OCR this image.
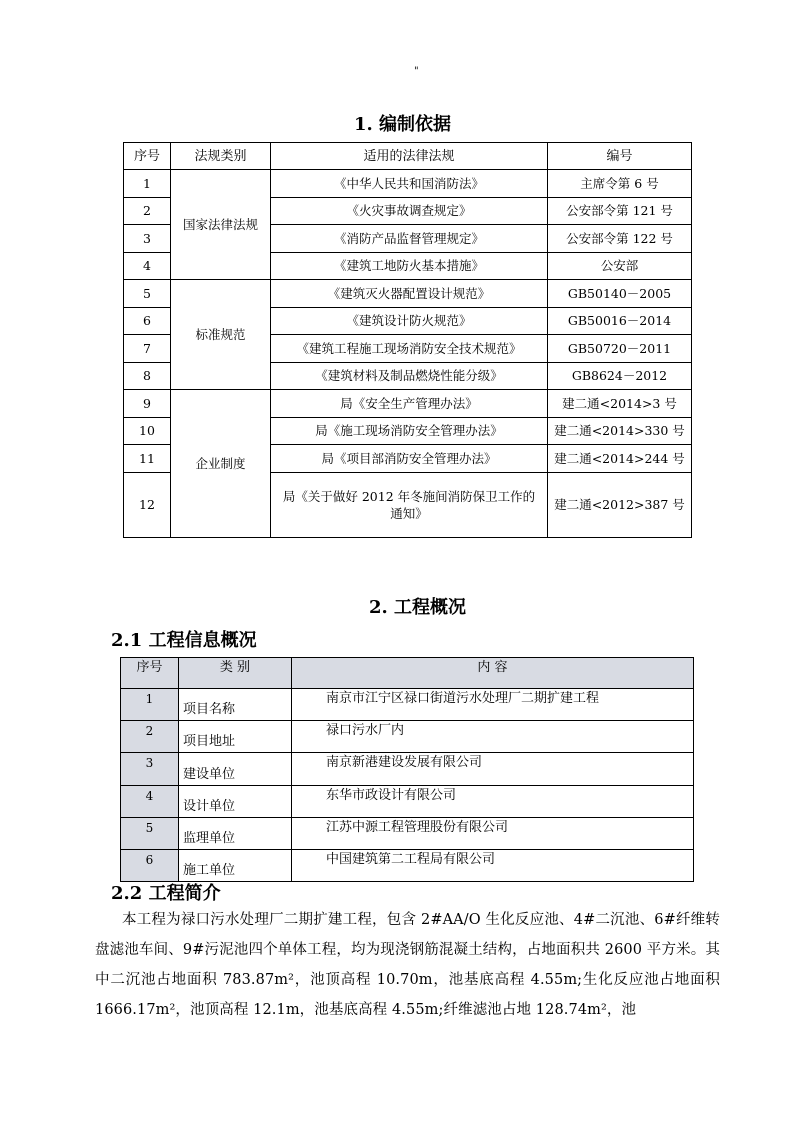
"
1. 编制依据
序号	法规类别	适用的法律法规	编号
1	国家法律法规	《中华人民共和国消防法》	主席令第 6 号
2		《火灾事故调查规定》	公安部令第 121 号
3		《消防产品监督管理规定》	公安部令第 122 号
4		《建筑工地防火基本措施》	公安部
5	标准规范	《建筑灭火器配置设计规范》	GB50140－2005
6		《建筑设计防火规范》	GB50016－2014
7		《建筑工程施工现场消防安全技术规范》	GB50720－2011
8		《建筑材料及制品燃烧性能分级》	GB8624－2012
9	企业制度	局《安全生产管理办法》	建二通<2014>3 号
10		局《施工现场消防安全管理办法》	建二通<2014>330 号
11		局《项目部消防安全管理办法》	建二通<2014>244 号
12		局《关于做好 2012 年冬施间消防保卫工作的通知》	建二通<2012>387 号
2. 工程概况
2.1 工程信息概况
序号	类 别	内 容
1	项目名称	南京市江宁区禄口街道污水处理厂二期扩建工程
2	项目地址	禄口污水厂内
3	建设单位	南京新港建设发展有限公司
4	设计单位	东华市政设计有限公司
5	监理单位	江苏中源工程管理股份有限公司
6	施工单位	中国建筑第二工程局有限公司
2.2 工程简介

本工程为禄口污水处理厂二期扩建工程，包含 2#AA/O 生化反应池、4#二沉池、6#纤维转盘滤池车间、9#污泥池四个单体工程，均为现浇钢筋混凝土结构，占地面积共 2600 平方米。其中二沉池占地面积 783.87m²，池顶高程 10.70m，池基底高程 4.55m;生化反应池占地面积 1666.17m²，池顶高程 12.1m，池基底高程 4.55m;纤维滤池占地 128.74m²，池
